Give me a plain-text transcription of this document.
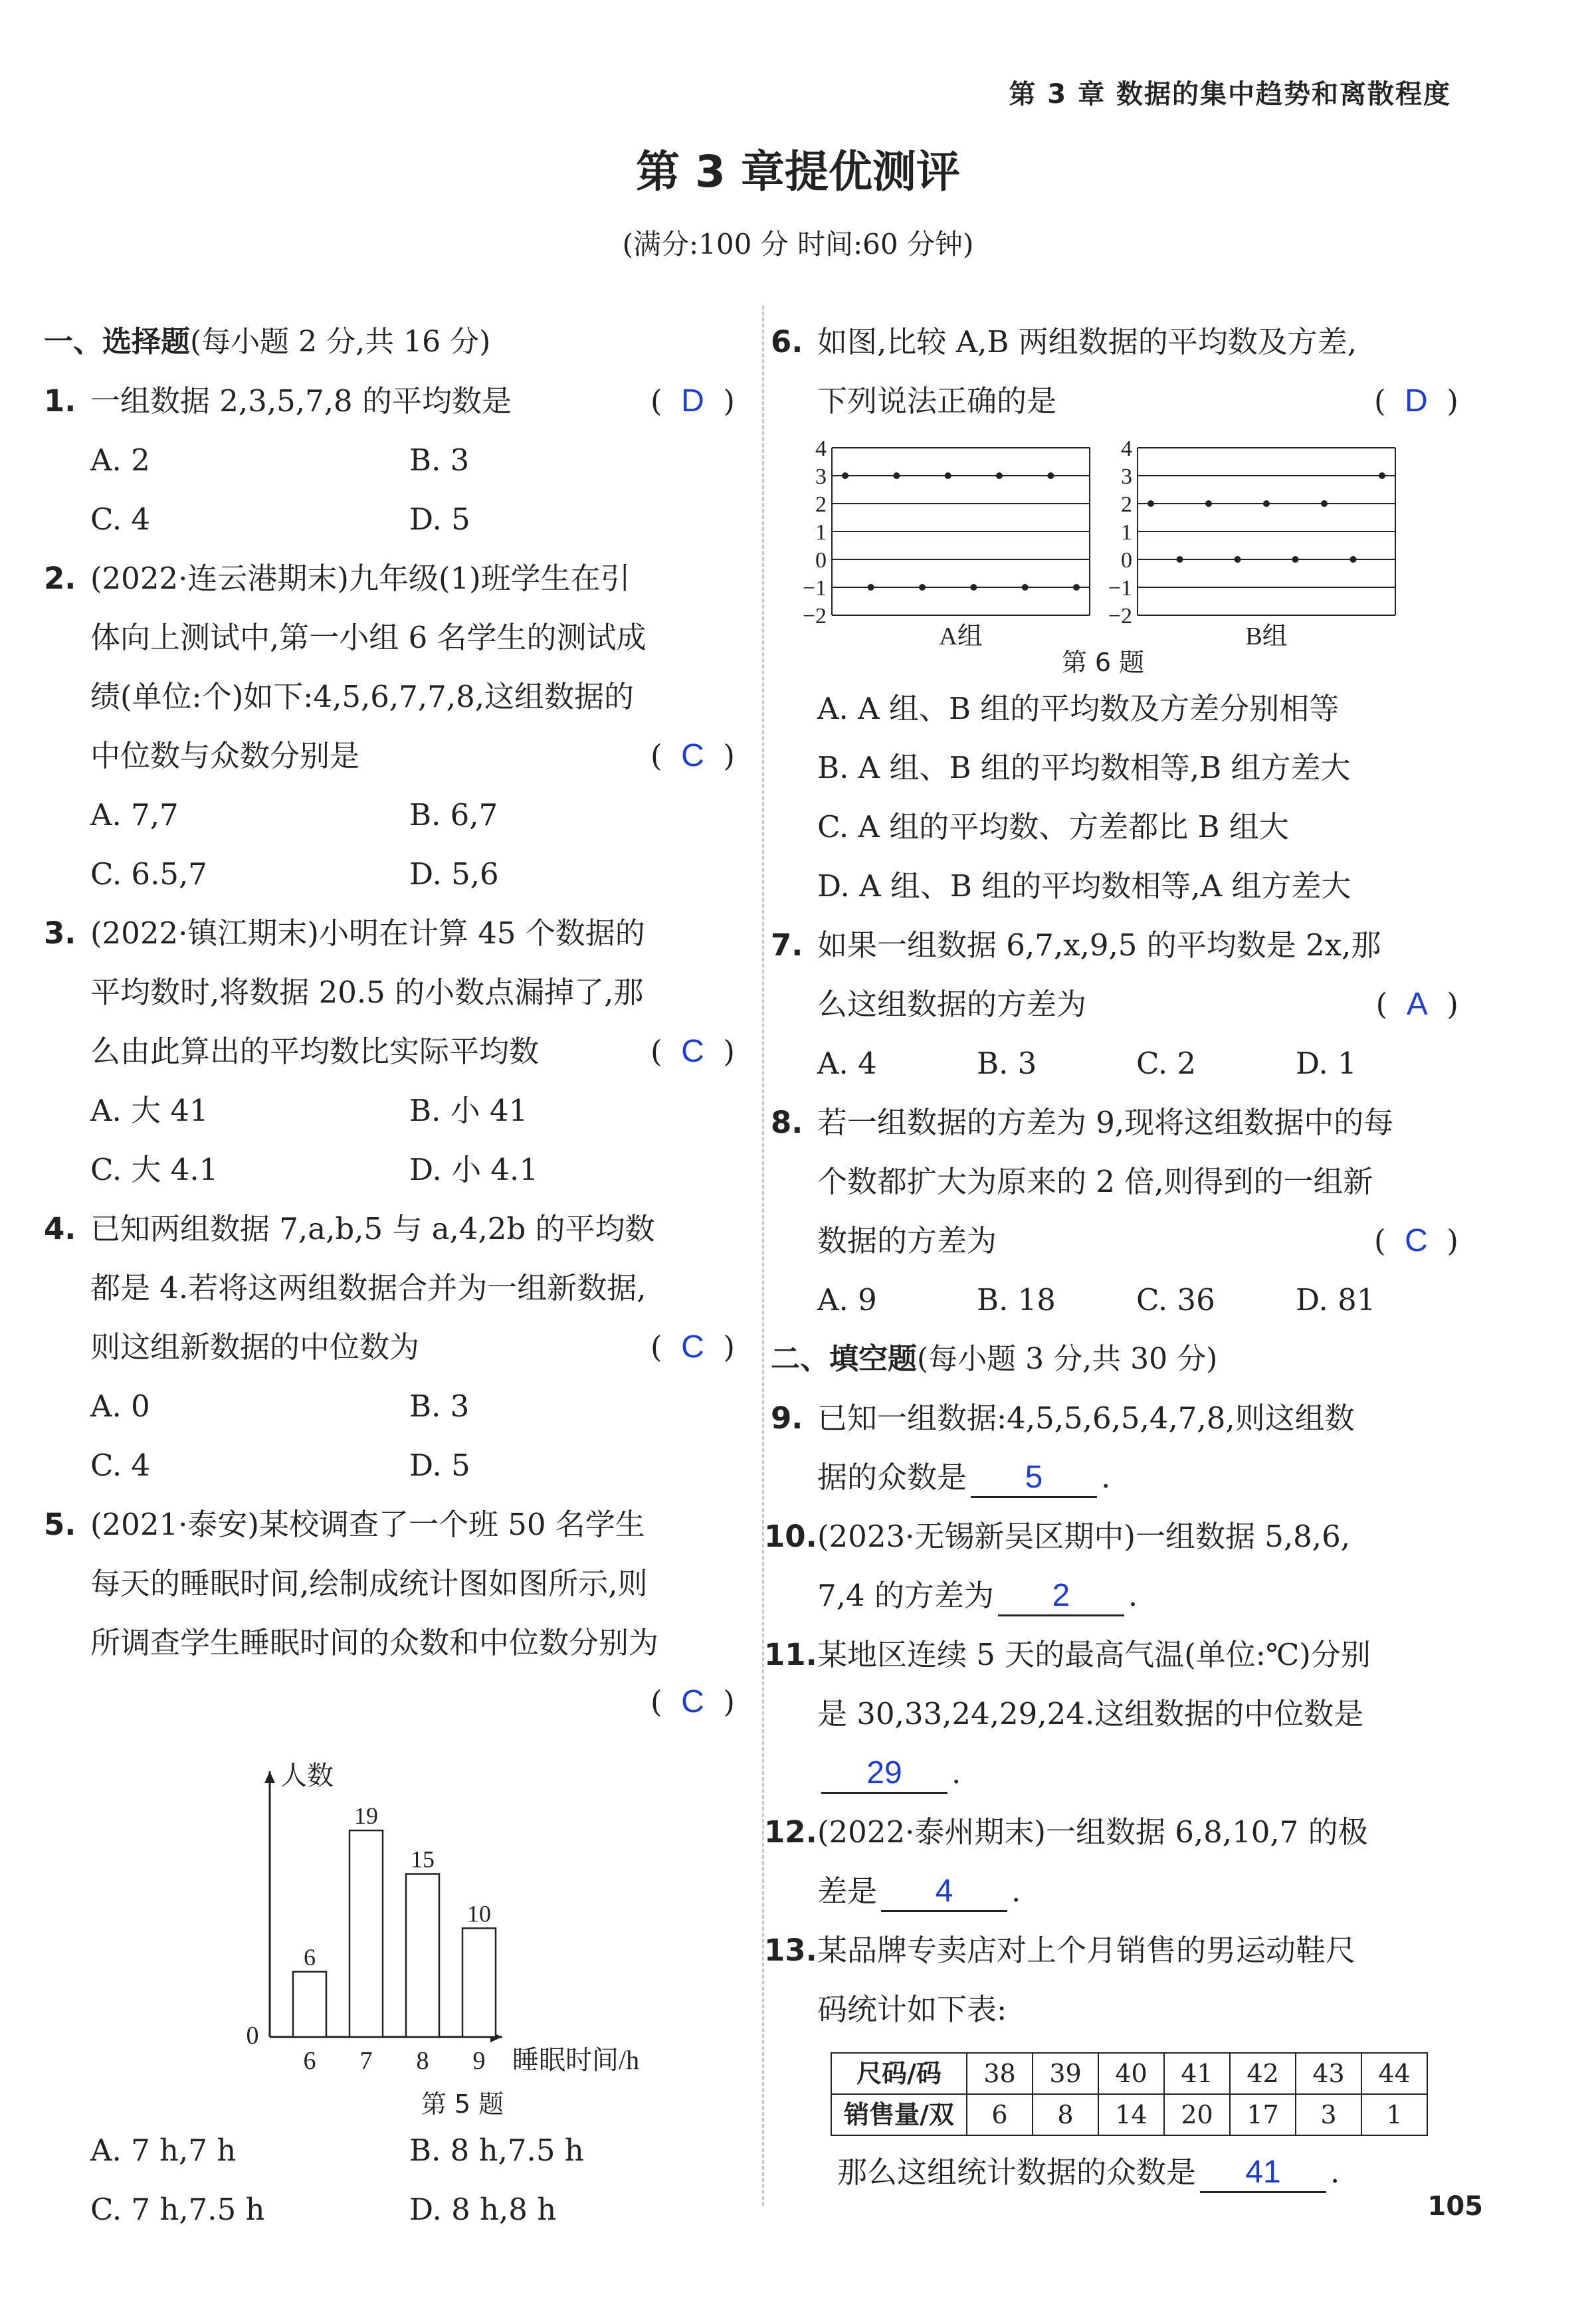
第 3 章 数据的集中趋势和离散程度
第 3 章提优测评
(满分:100 分 时间:60 分钟)
一、选择题(每小题 2 分,共 16 分)
1.	(  D  )
一组数据 2,3,5,7,8 的平均数是
A. 2	B. 3
C. 4	D. 5
2. (2022·连云港期末)九年级(1)班学生在引
体向上测试中,第一小组 6 名学生的测试成
绩(单位:个)如下:4,5,6,7,7,8,这组数据的
(  C  )
中位数与众数分别是
A. 7,7	B. 6,7
C. 6.5,7	D. 5,6
3. (2022·镇江期末)小明在计算 45 个数据的
平均数时,将数据 20.5 的小数点漏掉了,那
(  C  )
么由此算出的平均数比实际平均数
A. 大 41	B. 小 41
C. 大 4.1	D. 小 4.1
4. 已知两组数据 7,a,b,5 与 a,4,2b 的平均数
都是 4.若将这两组数据合并为一组新数据,
(  C  )
则这组新数据的中位数为
A. 0	B. 3
C. 4	D. 5
5. (2021·泰安)某校调查了一个班 50 名学生
每天的睡眠时间,绘制成统计图如图所示,则
所调查学生睡眠时间的众数和中位数分别为
(  C  )
人数
0
睡眠时间/h
6
6
19
7
15
8
10
9
第 5 题
A. 7 h,7 h	B. 8 h,7.5 h
C. 7 h,7.5 h	D. 8 h,8 h
6. 如图,比较 A,B 两组数据的平均数及方差,
(  D  )
下列说法正确的是
4
3
2
1
0
−1
−2
A组
4
3
2
1
0
−1
−2
B组
第 6 题
A. A 组、B 组的平均数及方差分别相等
B. A 组、B 组的平均数相等,B 组方差大
C. A 组的平均数、方差都比 B 组大
D. A 组、B 组的平均数相等,A 组方差大
7. 如果一组数据 6,7,x,9,5 的平均数是 2x,那
(  A  )
么这组数据的方差为
A. 4	B. 3	C. 2	D. 1
8. 若一组数据的方差为 9,现将这组数据中的每
个数都扩大为原来的 2 倍,则得到的一组新
(  C  )
数据的方差为
A. 9	B. 18	C. 36	D. 81
二、填空题(每小题 3 分,共 30 分)
9. 已知一组数据:4,5,5,6,5,4,7,8,则这组数
据的众数是 5 .
10. (2023·无锡新吴区期中)一组数据 5,8,6,
7,4 的方差为 2 .
11. 某地区连续 5 天的最高气温(单位:℃)分别
是 30,33,24,29,24.这组数据的中位数是
29 .
12. (2022·泰州期末)一组数据 6,8,10,7 的极
差是 4 .
13. 某品牌专卖店对上个月销售的男运动鞋尺
码统计如下表:
尺码/码	38	39	40	41	42	43	44
销售量/双	6	8	14	20	17	3	1
那么这组统计数据的众数是 41 .
105
